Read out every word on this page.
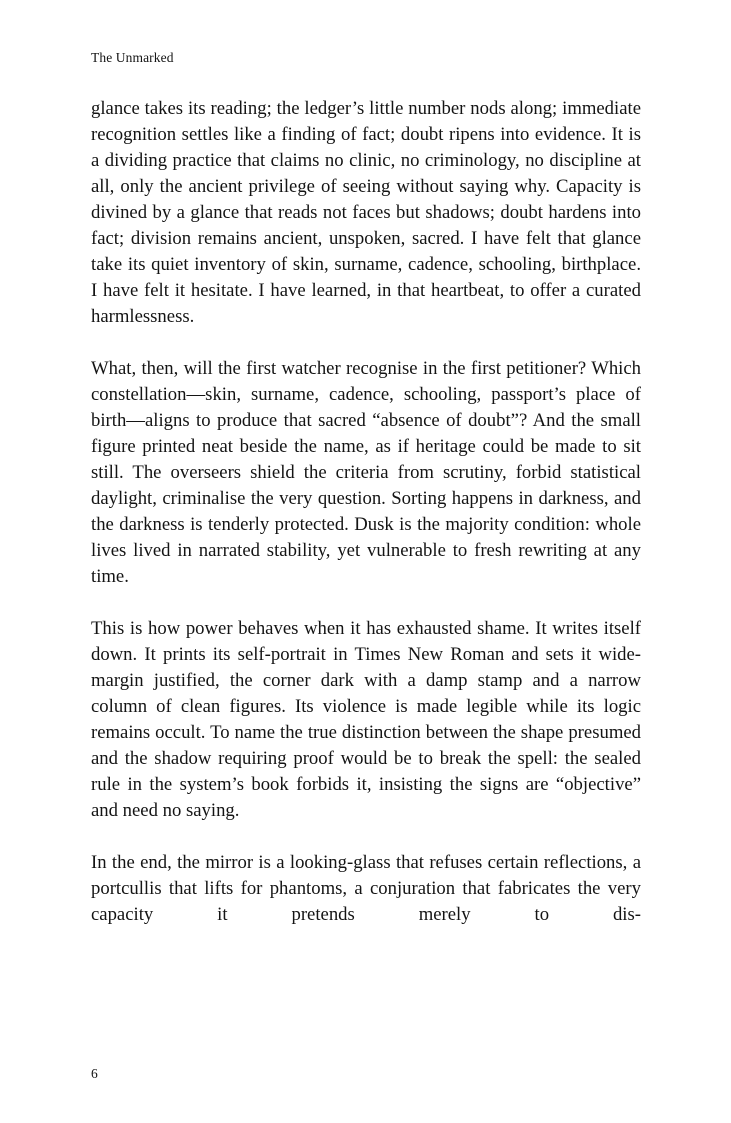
The Unmarked

glance takes its reading; the ledger’s little number nods along; immediate recognition settles like a finding of fact; doubt ripens into evidence. It is a dividing practice that claims no clinic, no criminology, no discipline at all, only the ancient privilege of seeing without saying why. Capacity is divined by a glance that reads not faces but shadows; doubt hardens into fact; division remains ancient, unspoken, sacred. I have felt that glance take its quiet inventory of skin, surname, cadence, schooling, birthplace. I have felt it hesitate. I have learned, in that heartbeat, to offer a curated harmlessness.

What, then, will the first watcher recognise in the first petitioner? Which constellation—skin, surname, cadence, schooling, passport’s place of birth—aligns to produce that sacred “absence of doubt”? And the small figure printed neat beside the name, as if heritage could be made to sit still. The overseers shield the criteria from scrutiny, forbid statistical daylight, criminalise the very question. Sorting happens in darkness, and the darkness is tenderly protected. Dusk is the majority condition: whole lives lived in narrated stability, yet vulnerable to fresh rewriting at any time.

This is how power behaves when it has exhausted shame. It writes itself down. It prints its self-portrait in Times New Roman and sets it wide-margin justified, the corner dark with a damp stamp and a narrow column of clean figures. Its violence is made legible while its logic remains occult. To name the true distinction between the shape presumed and the shadow requiring proof would be to break the spell: the sealed rule in the system’s book forbids it, insisting the signs are “objective” and need no saying.

In the end, the mirror is a looking-glass that refuses certain reflections, a portcullis that lifts for phantoms, a conjuration that fabricates the very capacity it pretends merely to dis-

6
